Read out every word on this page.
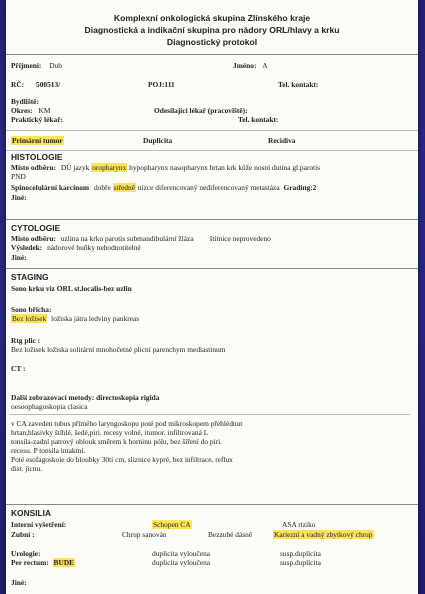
Komplexní onkologická skupina Zlínského kraje
Diagnostická a indikační skupina pro nádory ORL/hlavy a krku
Diagnostický protokol
Příjmení: Dub	Jméno: A
RČ: 500513/	POJ:111	Tel. kontakt:
Bydliště:
Okres: KM	Odesílající lékař (pracoviště):
Praktický lékař:	Tel. kontakt:
Primární tumor	Duplicita	Recidiva
HISTOLOGIE
Místo odběru: DÚ jazyk oropharynx hypopharynx nasopharynx hrtan krk kůže nosní dutina gl.parotis
PND
Spinocelulární karcinom dobře středně nízce diferencovaný nediferencovaný metastáza Grading:2
Jiné:
CYTOLOGIE
Místo odběru: uzlina na krku parotis submandibulární žláza štítnice neprovedeno
Výsledek: nádorové buňky nehodnotitelné
Jiné:
STAGING
Sono krku viz ORL st.localis-bez uzlin
Sono břicha:
Bez ložisek ložiska játra ledviny pankreas
Rtg plic :
Bez ložisek ložiska solitární mnohočetné plicní parenchym mediastinum
CT :
Další zobrazovací metody: directoskopia rigida
oesoophagoskopia clasica
v CA zaveden tubus přímého laryngoskopu poté pod mikroskopem přehlédnut
hrtan,hlasivky štíhlé, šedé,piri. recesy volné, itumor. infiltrovaná L
tonsila-zadní patrový oblouk směrem k horninu pólu, bez šíření do piri.
recesu. P tonsila intaktní.
Poté esofagoskoie do hloubky 30ti cm, sliznice kypré, bez infiltrace, reflux
dist. jícnu.
KONSILIA
Interní vyšetření:	Schopen CA	ASA riziko
Zubní :	Chrup sanován	Bezzubé dásně	Kariezní a vadný zbytkový chrup
Urologie:	duplicita vyloučena	susp.duplicita
Per rectum: BUDE	duplicita vyloučena	susp.duplicita
Jiné:
